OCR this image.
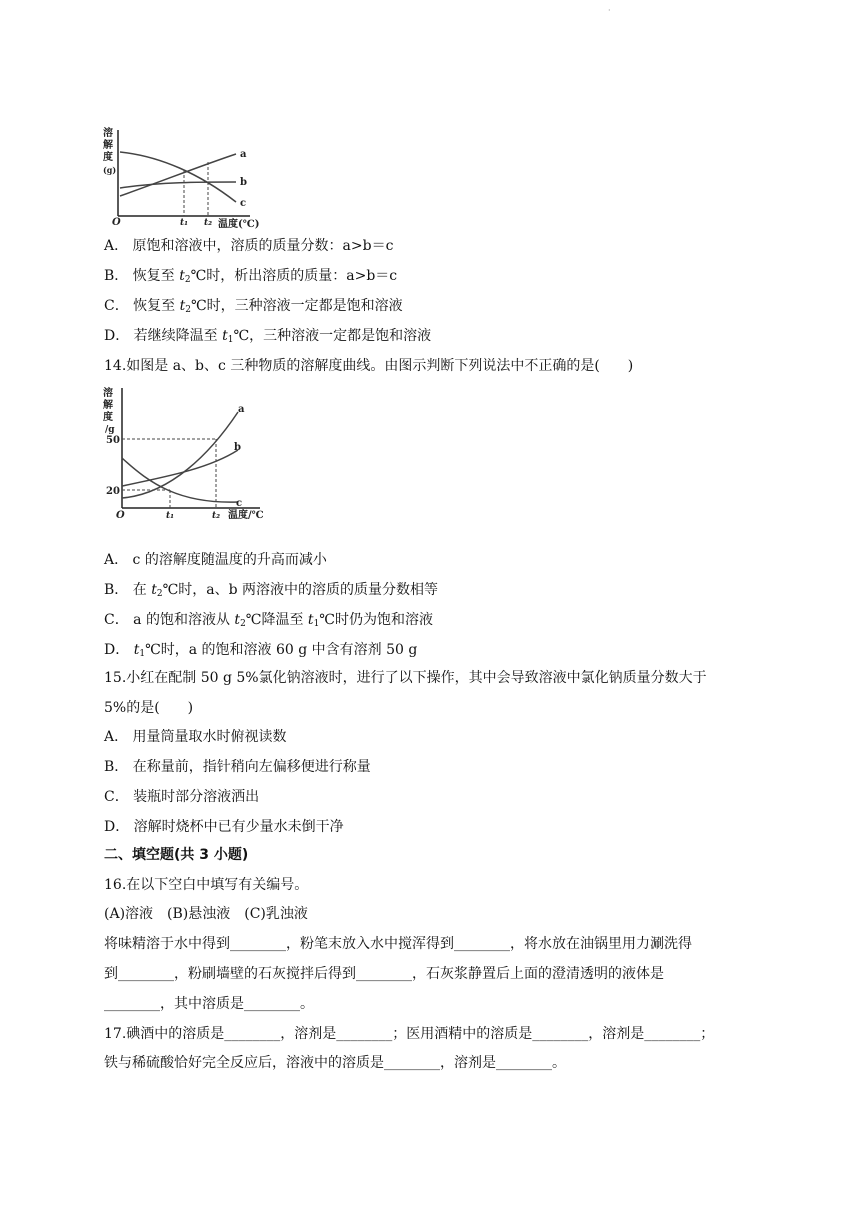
·
溶
解
度
(g)
a
b
c
O	t₁ t₂ 温度(℃)
A． 原饱和溶液中，溶质的质量分数：a>b＝c
B． 恢复至 $t_2℃$时，析出溶质的质量：a>b＝c
C． 恢复至 $t_2℃$时，三种溶液一定都是饱和溶液
D． 若继续降温至 $t_1℃$，三种溶液一定都是饱和溶液
14.如图是 a、b、c 三种物质的溶解度曲线。由图示判断下列说法中不正确的是(　　)
溶
解
度
/g
50
20
a
b
c
O	t₁	t₂ 温度/℃
A． c 的溶解度随温度的升高而减小
B． 在 $t_2℃$时，a、b 两溶液中的溶质的质量分数相等
C． a 的饱和溶液从 $t_2℃$降温至 $t_1℃$时仍为饱和溶液
D． $t_1℃$时，a 的饱和溶液 60 g 中含有溶剂 50 g
15.小红在配制 50 g 5%氯化钠溶液时，进行了以下操作，其中会导致溶液中氯化钠质量分数大于
5%的是(　　)
A． 用量筒量取水时俯视读数
B． 在称量前，指针稍向左偏移便进行称量
C． 装瓶时部分溶液洒出
D． 溶解时烧杯中已有少量水未倒干净
二、填空题(共 3 小题)
16.在以下空白中填写有关编号。
(A)溶液　(B)悬浊液　(C)乳浊液
将味精溶于水中得到________，粉笔末放入水中搅浑得到________，将水放在油锅里用力涮洗得
到________，粉刷墙壁的石灰搅拌后得到________，石灰浆静置后上面的澄清透明的液体是
________，其中溶质是________。
17.碘酒中的溶质是________，溶剂是________；医用酒精中的溶质是________，溶剂是________；
铁与稀硫酸恰好完全反应后，溶液中的溶质是________，溶剂是________。
